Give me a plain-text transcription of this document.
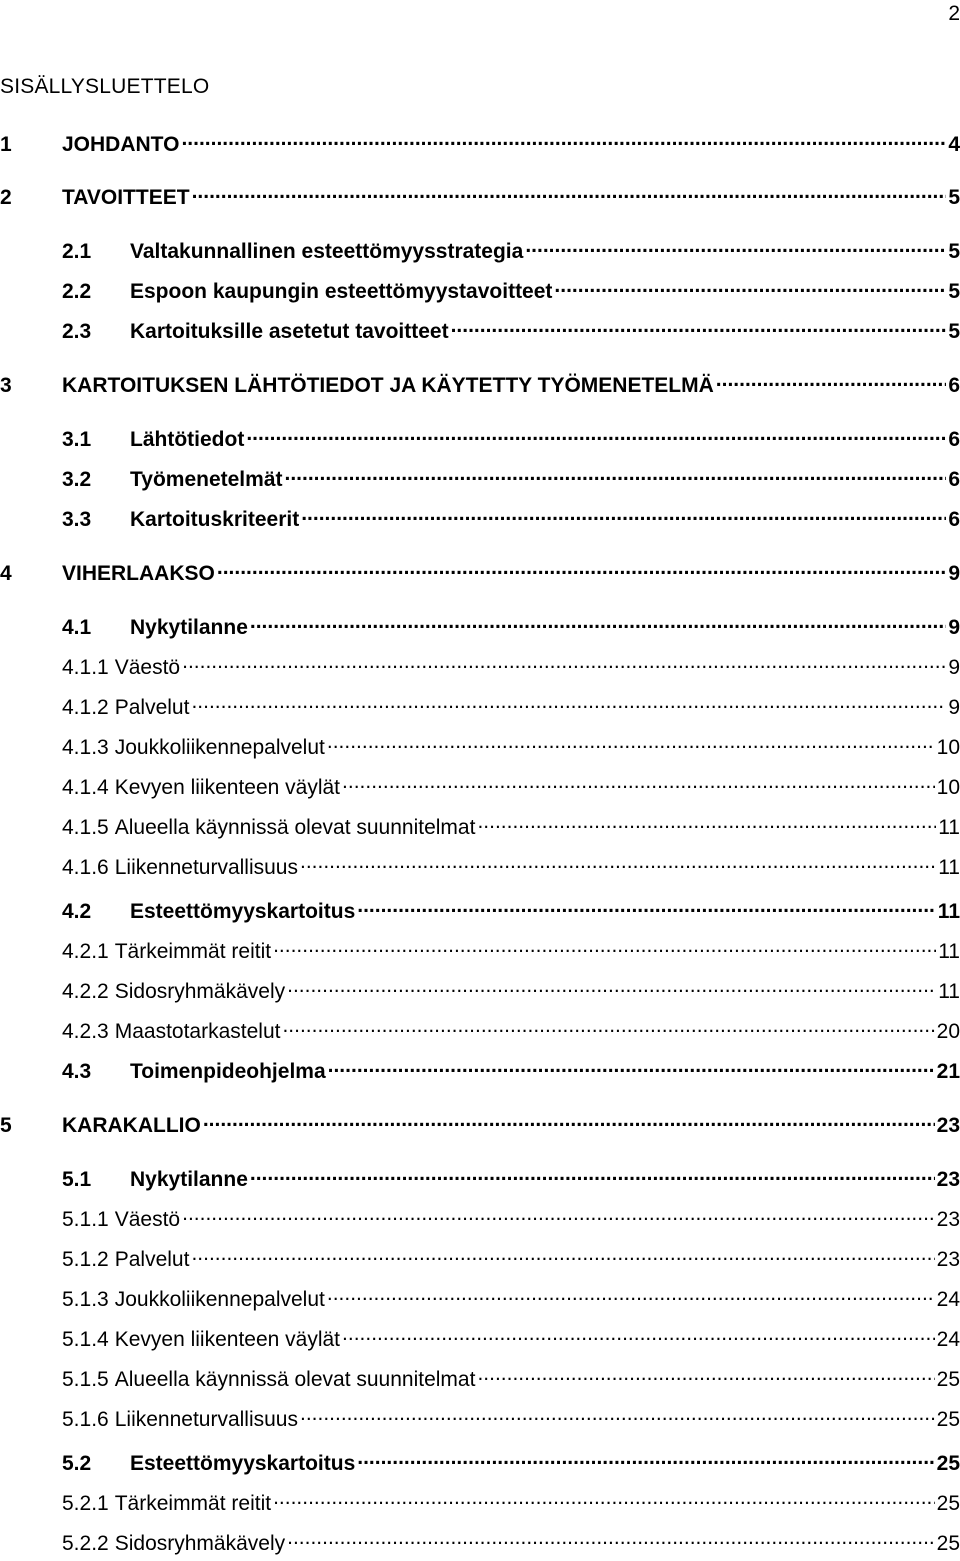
2
SISÄLLYSLUETTELO
1	JOHDANTO .....	4
2	TAVOITTEET .....	5
2.1	Valtakunnallinen esteettömyysstrategia .....	5
2.2	Espoon kaupungin esteettömyystavoitteet .....	5
2.3	Kartoituksille asetetut tavoitteet .....	5
3	KARTOITUKSEN LÄHTÖTIEDOT JA KÄYTETTY TYÖMENETELMÄ .....	6
3.1	Lähtötiedot .....	6
3.2	Työmenetelmät .....	6
3.3	Kartoituskriteerit .....	6
4	VIHERLAAKSO .....	9
4.1	Nykytilanne .....	9
4.1.1 Väestö .....	9
4.1.2 Palvelut .....	9
4.1.3 Joukkoliikennepalvelut .....	10
4.1.4 Kevyen liikenteen väylät .....	10
4.1.5 Alueella käynnissä olevat suunnitelmat .....	11
4.1.6 Liikenneturvallisuus .....	11
4.2	Esteettömyyskartoitus .....	11
4.2.1 Tärkeimmät reitit .....	11
4.2.2 Sidosryhmäkävely .....	11
4.2.3 Maastotarkastelut .....	20
4.3	Toimenpideohjelma .....	21
5	KARAKALLIO .....	23
5.1	Nykytilanne .....	23
5.1.1 Väestö .....	23
5.1.2 Palvelut .....	23
5.1.3 Joukkoliikennepalvelut .....	24
5.1.4 Kevyen liikenteen väylät .....	24
5.1.5 Alueella käynnissä olevat suunnitelmat .....	25
5.1.6 Liikenneturvallisuus .....	25
5.2	Esteettömyyskartoitus .....	25
5.2.1 Tärkeimmät reitit .....	25
5.2.2 Sidosryhmäkävely .....	25
